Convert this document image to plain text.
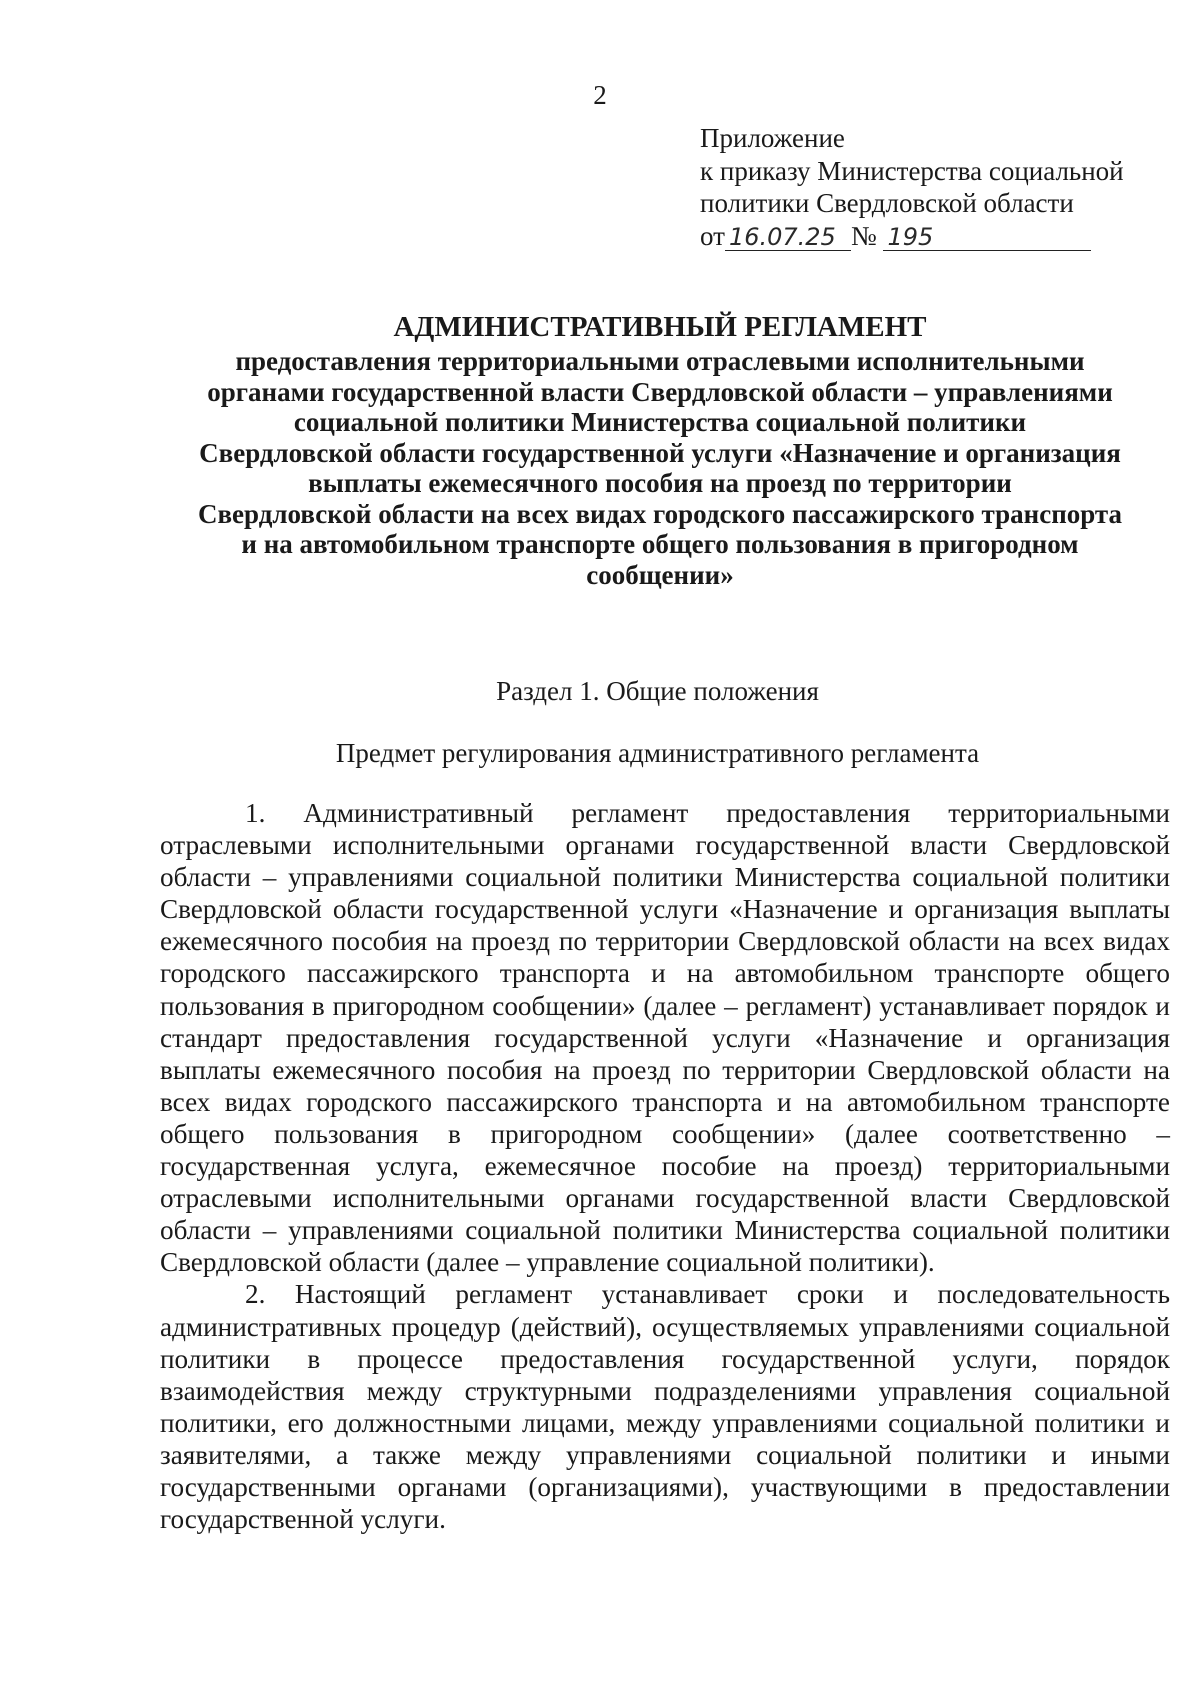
2
Приложение
к приказу Министерства социальной
политики Свердловской области
от 16.07.25 № 195

АДМИНИСТРАТИВНЫЙ РЕГЛАМЕНТ

предоставления территориальными отраслевыми исполнительными
органами государственной власти Свердловской области – управлениями
социальной политики Министерства социальной политики
Свердловской области государственной услуги «Назначение и организация
выплаты ежемесячного пособия на проезд по территории
Свердловской области на всех видах городского пассажирского транспорта
и на автомобильном транспорте общего пользования в пригородном
сообщении»

Раздел 1. Общие положения
Предмет регулирования административного регламента

1. Административный регламент предоставления территориальными отраслевыми исполнительными органами государственной власти Свердловской области – управлениями социальной политики Министерства социальной политики Свердловской области государственной услуги «Назначение и организация выплаты ежемесячного пособия на проезд по территории Свердловской области на всех видах городского пассажирского транспорта и на автомобильном транспорте общего пользования в пригородном сообщении» (далее – регламент) устанавливает порядок и стандарт предоставления государственной услуги «Назначение и организация выплаты ежемесячного пособия на проезд по территории Свердловской области на всех видах городского пассажирского транспорта и на автомобильном транспорте общего пользования в пригородном сообщении» (далее соответственно – государственная услуга, ежемесячное пособие на проезд) территориальными отраслевыми исполнительными органами государственной власти Свердловской области – управлениями социальной политики Министерства социальной политики Свердловской области (далее – управление социальной политики).

2. Настоящий регламент устанавливает сроки и последовательность административных процедур (действий), осуществляемых управлениями социальной политики в процессе предоставления государственной услуги, порядок взаимодействия между структурными подразделениями управления социальной политики, его должностными лицами, между управлениями социальной политики и заявителями, а также между управлениями социальной политики и иными государственными органами (организациями), участвующими в предоставлении государственной услуги.
